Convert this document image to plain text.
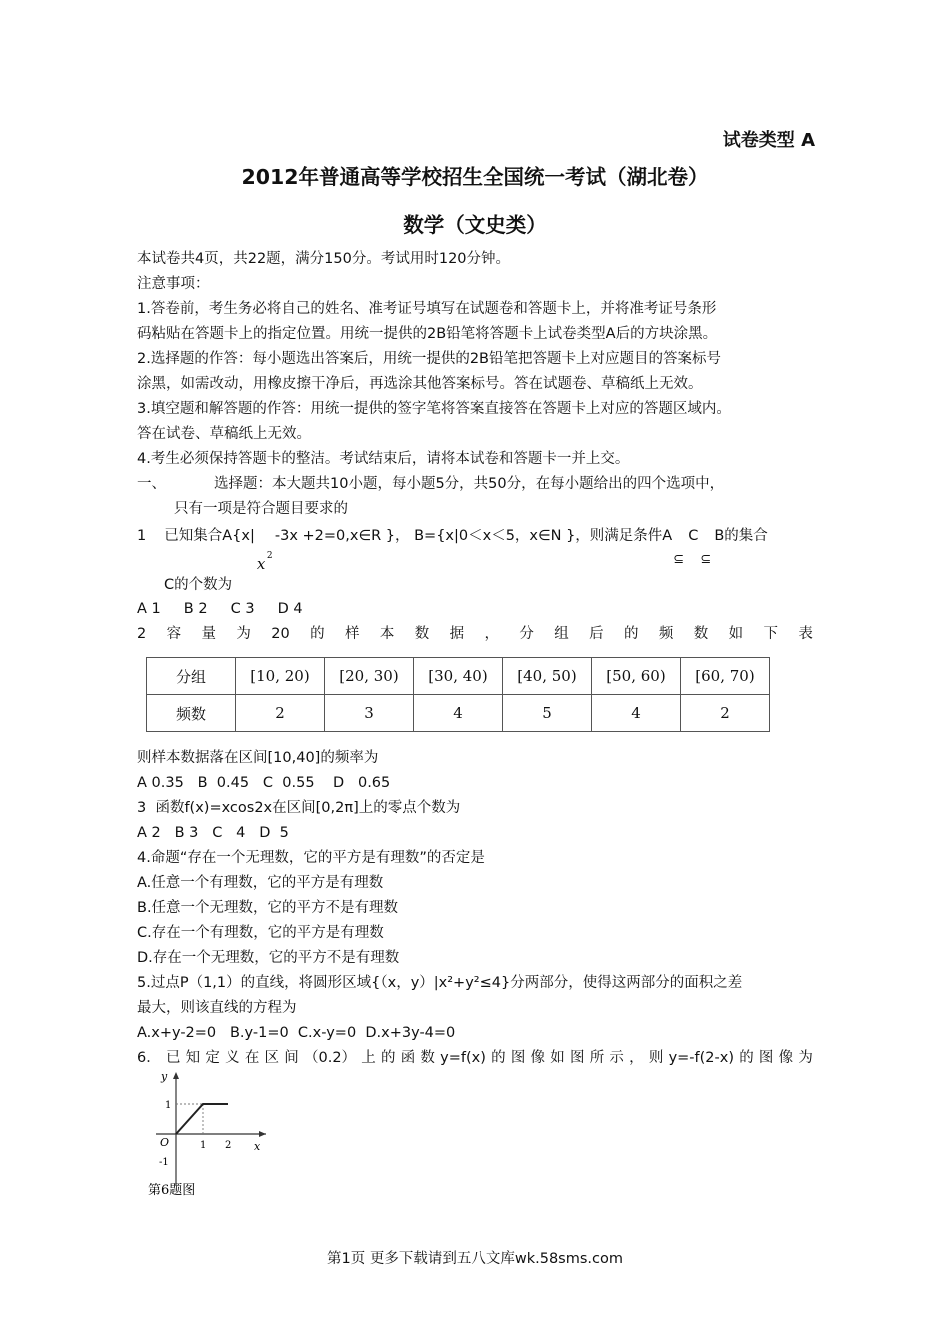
试卷类型 A
2012年普通高等学校招生全国统一考试（湖北卷）
数学（文史类）
本试卷共4页，共22题，满分150分。考试用时120分钟。
注意事项：
1.答卷前，考生务必将自己的姓名、准考证号填写在试题卷和答题卡上，并将准考证号条形
码粘贴在答题卡上的指定位置。用统一提供的2B铅笔将答题卡上试卷类型A后的方块涂黑。
2.选择题的作答：每小题选出答案后，用统一提供的2B铅笔把答题卡上对应题目的答案标号
涂黑，如需改动，用橡皮擦干净后，再选涂其他答案标号。答在试题卷、草稿纸上无效。
3.填空题和解答题的作答：用统一提供的签字笔将答案直接答在答题卡上对应的答题区域内。
答在试卷、草稿纸上无效。
4.考生必须保持答题卡的整洁。考试结束后，请将本试卷和答题卡一并上交。
一、	选择题：本大题共10小题，每小题5分，共50分，在每小题给出的四个选项中，
只有一项是符合题目要求的
1 已知集合A{x|
x 2
-3x +2=0,x∈R }， B={x|0＜x＜5，x∈N }，则满足条件A
⊆
C
⊆
B的集合
C的个数为
A 1     B 2     C 3     D 4
2 容 量 为 20 的 样 本 数 据 ， 分 组 后 的 频 数 如 下 表
分组	[10, 20)	[20, 30)	[30, 40)	[40, 50)	[50, 60)	[60, 70)
频数	2	3	4	5	4	2
则样本数据落在区间[10,40]的频率为
A 0.35   B  0.45   C  0.55    D   0.65
3  函数f(x)=xcos2x在区间[0,2π]上的零点个数为
A 2   B 3   C   4   D  5
4.命题“存在一个无理数，它的平方是有理数”的否定是
A.任意一个有理数，它的平方是有理数
B.任意一个无理数，它的平方不是有理数
C.存在一个有理数，它的平方是有理数
D.存在一个无理数，它的平方不是有理数
5.过点P（1,1）的直线，将圆形区域{（x，y）|x²+y²≤4}分两部分，使得这两部分的面积之差
最大，则该直线的方程为
A.x+y-2=0   B.y-1=0  C.x-y=0  D.x+3y-4=0
6． 已 知 定 义 在 区 间 （0.2） 上 的 函 数 y=f(x) 的 图 像 如 图 所 示 ， 则 y=-f(2-x) 的 图 像 为
y
x
O
1
-1
1 2
第6题图
第1页 更多下载请到五八文库wk.58sms.com
